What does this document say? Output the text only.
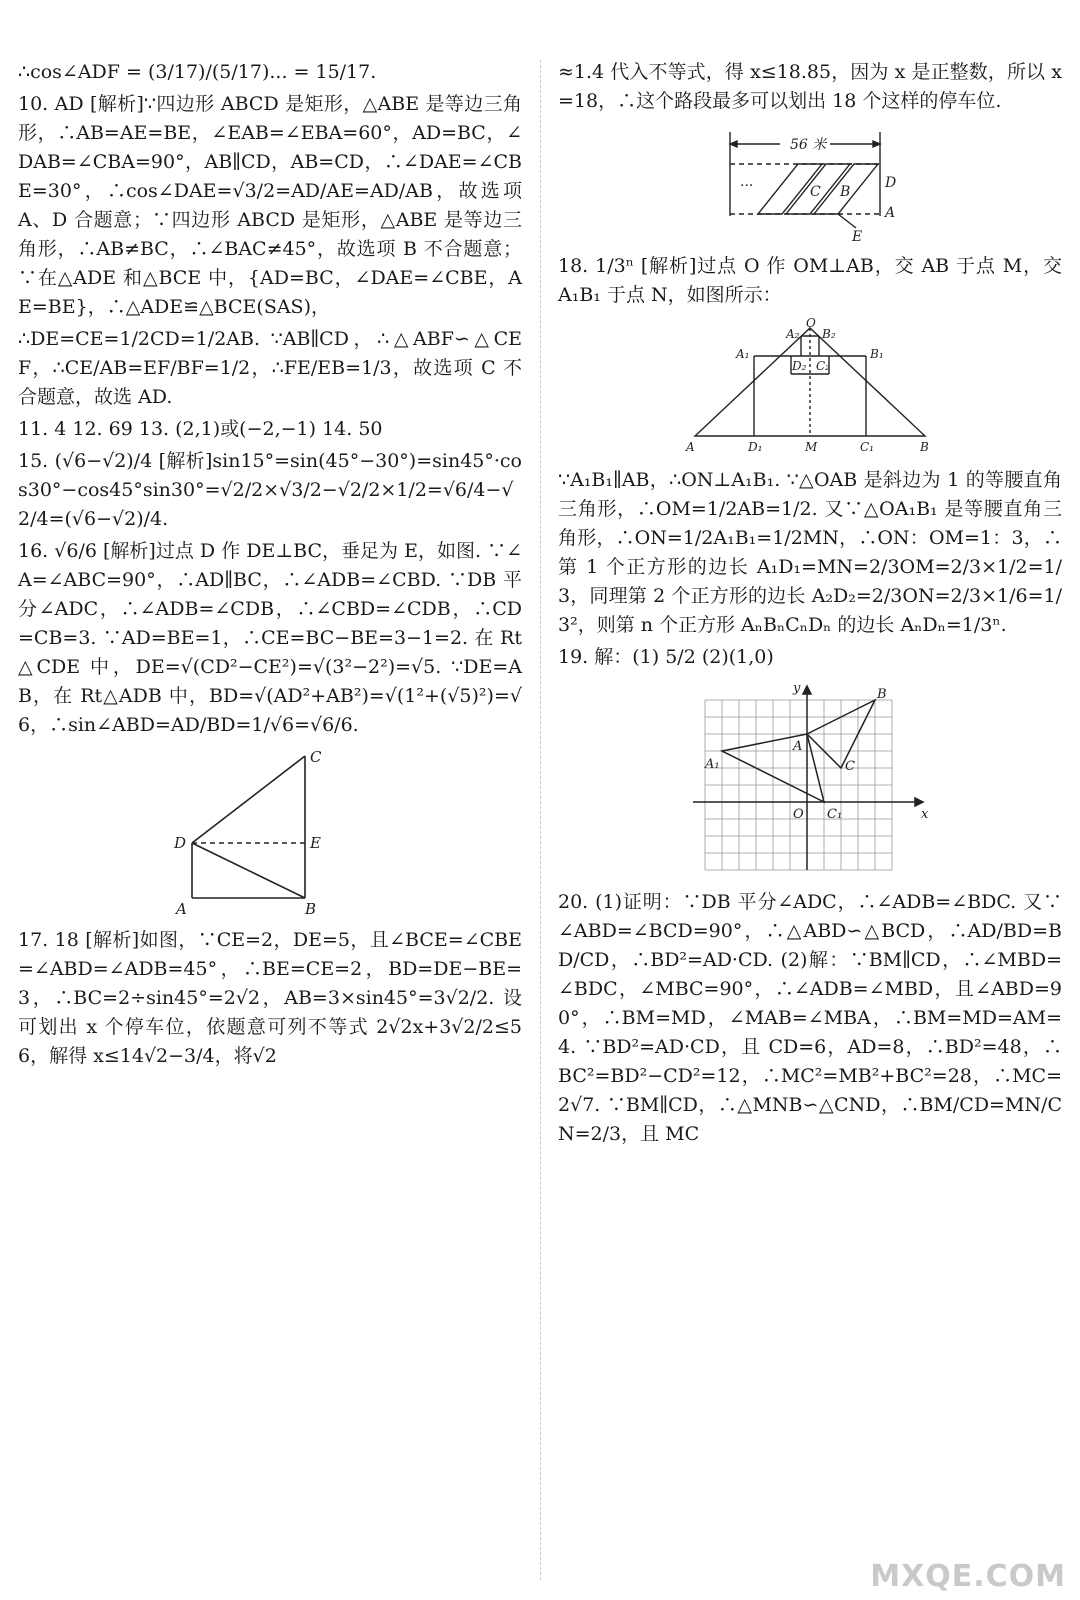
∴cos∠ADF = (3/17)/(5/17)... = 15/17.

10. AD [解析]∵四边形 ABCD 是矩形，△ABE 是等边三角形，∴AB=AE=BE，∠EAB=∠EBA=60°，AD=BC，∠DAB=∠CBA=90°，AB∥CD，AB=CD，∴∠DAE=∠CBE=30°，∴cos∠DAE=√3/2=AD/AE=AD/AB，故选项 A、D 合题意；∵四边形 ABCD 是矩形，△ABE 是等边三角形，∴AB≠BC，∴∠BAC≠45°，故选项 B 不合题意；∵在△ADE 和△BCE 中，{AD=BC，∠DAE=∠CBE，AE=BE}，∴△ADE≌△BCE(SAS)，

∴DE=CE=1/2CD=1/2AB. ∵AB∥CD，∴△ABF∽△CEF，∴CE/AB=EF/BF=1/2，∴FE/EB=1/3，故选项 C 不合题意，故选 AD.

11. 4 12. 69 13. (2,1)或(−2,−1) 14. 50

15. (√6−√2)/4 [解析]sin15°=sin(45°−30°)=sin45°·cos30°−cos45°sin30°=√2/2×√3/2−√2/2×1/2=√6/4−√2/4=(√6−√2)/4.

16. √6/6 [解析]过点 D 作 DE⊥BC，垂足为 E，如图. ∵∠A=∠ABC=90°，∴AD∥BC，∴∠ADB=∠CBD. ∵DB 平分∠ADC，∴∠ADB=∠CDB，∴∠CBD=∠CDB，∴CD=CB=3. ∵AD=BE=1，∴CE=BC−BE=3−1=2. 在 Rt△CDE 中，DE=√(CD²−CE²)=√(3²−2²)=√5. ∵DE=AB，在 Rt△ADB 中，BD=√(AD²+AB²)=√(1²+(√5)²)=√6，∴sin∠ABD=AD/BD=1/√6=√6/6.

C
D	E
A	B

17. 18 [解析]如图，∵CE=2，DE=5，且∠BCE=∠CBE=∠ABD=∠ADB=45°，∴BE=CE=2，BD=DE−BE=3，∴BC=2÷sin45°=2√2，AB=3×sin45°=3√2/2. 设可划出 x 个停车位，依题意可列不等式 2√2x+3√2/2≤56，解得 x≤14√2−3/4，将√2

≈1.4 代入不等式，得 x≤18.85，因为 x 是正整数，所以 x=18，∴这个路段最多可以划出 18 个这样的停车位.

56 米
D
A
E
C B
...

18. 1/3ⁿ [解析]过点 O 作 OM⊥AB，交 AB 于点 M，交 A₁B₁ 于点 N，如图所示：

O
A₂ B₂
A₁	B₁
D₂ C₂
A	D₁	M	C₁	B

∵A₁B₁∥AB，∴ON⊥A₁B₁. ∵△OAB 是斜边为 1 的等腰直角三角形，∴OM=1/2AB=1/2. 又∵△OA₁B₁ 是等腰直角三角形，∴ON=1/2A₁B₁=1/2MN，∴ON：OM=1：3，∴第 1 个正方形的边长 A₁D₁=MN=2/3OM=2/3×1/2=1/3，同理第 2 个正方形的边长 A₂D₂=2/3ON=2/3×1/6=1/3²，则第 n 个正方形 AₙBₙCₙDₙ 的边长 AₙDₙ=1/3ⁿ.

19. 解：(1) 5/2 (2)(1,0)

y	B
A
A₁	C
O C₁	x

20. (1)证明：∵DB 平分∠ADC，∴∠ADB=∠BDC. 又∵∠ABD=∠BCD=90°，∴△ABD∽△BCD，∴AD/BD=BD/CD，∴BD²=AD·CD. (2)解：∵BM∥CD，∴∠MBD=∠BDC，∠MBC=90°，∴∠ADB=∠MBD，且∠ABD=90°，∴BM=MD，∠MAB=∠MBA，∴BM=MD=AM=4. ∵BD²=AD·CD，且 CD=6，AD=8，∴BD²=48，∴BC²=BD²−CD²=12，∴MC²=MB²+BC²=28，∴MC=2√7. ∵BM∥CD，∴△MNB∽△CND，∴BM/CD=MN/CN=2/3，且 MC

MXQE.COM
